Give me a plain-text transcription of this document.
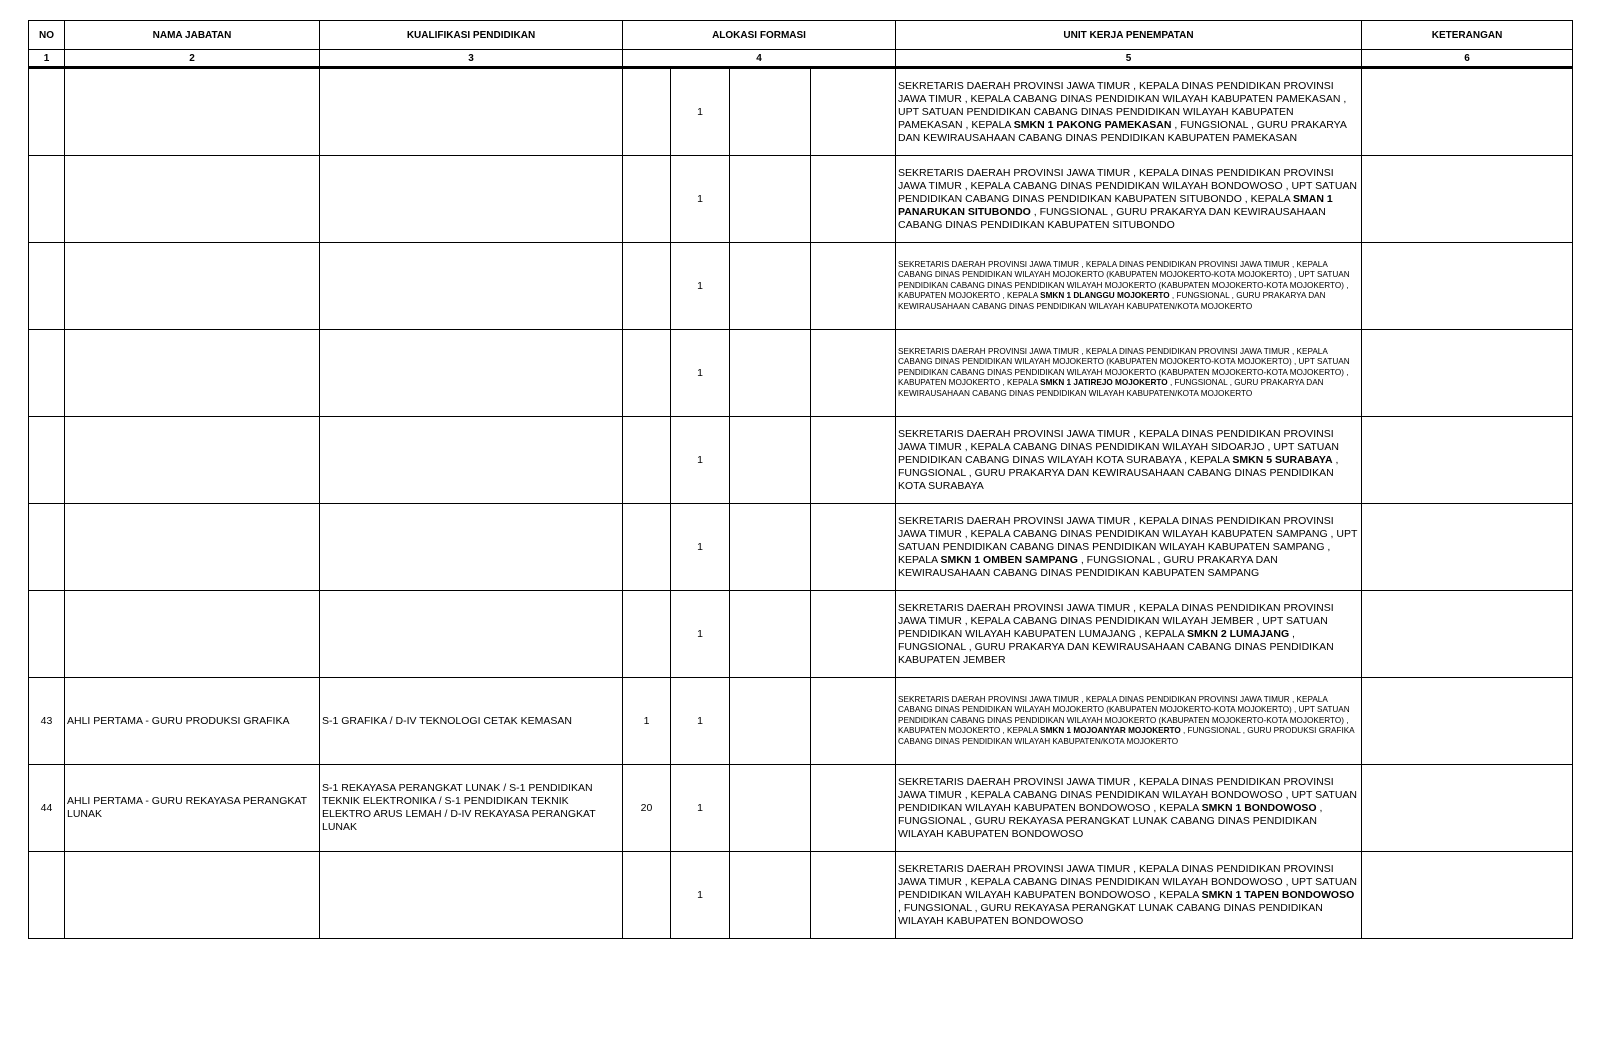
NO	NAMA JABATAN	KUALIFIKASI PENDIDIKAN	ALOKASI FORMASI				UNIT KERJA PENEMPATAN	KETERANGAN
1	2	3	4				5	6
				1			SEKRETARIS DAERAH PROVINSI JAWA TIMUR , KEPALA DINAS PENDIDIKAN PROVINSI JAWA TIMUR , KEPALA CABANG DINAS PENDIDIKAN WILAYAH KABUPATEN PAMEKASAN , UPT SATUAN PENDIDIKAN CABANG DINAS PENDIDIKAN WILAYAH KABUPATEN PAMEKASAN , KEPALA SMKN 1 PAKONG PAMEKASAN , FUNGSIONAL , GURU PRAKARYA DAN KEWIRAUSAHAAN CABANG DINAS PENDIDIKAN KABUPATEN PAMEKASAN	
				1			SEKRETARIS DAERAH PROVINSI JAWA TIMUR , KEPALA DINAS PENDIDIKAN PROVINSI JAWA TIMUR , KEPALA CABANG DINAS PENDIDIKAN WILAYAH BONDOWOSO , UPT SATUAN PENDIDIKAN CABANG DINAS PENDIDIKAN KABUPATEN SITUBONDO , KEPALA SMAN 1 PANARUKAN SITUBONDO , FUNGSIONAL , GURU PRAKARYA DAN KEWIRAUSAHAAN CABANG DINAS PENDIDIKAN KABUPATEN SITUBONDO	
				1			SEKRETARIS DAERAH PROVINSI JAWA TIMUR , KEPALA DINAS PENDIDIKAN PROVINSI JAWA TIMUR , KEPALA CABANG DINAS PENDIDIKAN WILAYAH MOJOKERTO (KABUPATEN MOJOKERTO-KOTA MOJOKERTO) , UPT SATUAN PENDIDIKAN CABANG DINAS PENDIDIKAN WILAYAH MOJOKERTO (KABUPATEN MOJOKERTO-KOTA MOJOKERTO) , KABUPATEN MOJOKERTO , KEPALA SMKN 1 DLANGGU MOJOKERTO , FUNGSIONAL , GURU PRAKARYA DAN KEWIRAUSAHAAN CABANG DINAS PENDIDIKAN WILAYAH KABUPATEN/KOTA MOJOKERTO	
				1			SEKRETARIS DAERAH PROVINSI JAWA TIMUR , KEPALA DINAS PENDIDIKAN PROVINSI JAWA TIMUR , KEPALA CABANG DINAS PENDIDIKAN WILAYAH MOJOKERTO (KABUPATEN MOJOKERTO-KOTA MOJOKERTO) , UPT SATUAN PENDIDIKAN CABANG DINAS PENDIDIKAN WILAYAH MOJOKERTO (KABUPATEN MOJOKERTO-KOTA MOJOKERTO) , KABUPATEN MOJOKERTO , KEPALA SMKN 1 JATIREJO MOJOKERTO , FUNGSIONAL , GURU PRAKARYA DAN KEWIRAUSAHAAN CABANG DINAS PENDIDIKAN WILAYAH KABUPATEN/KOTA MOJOKERTO	
				1			SEKRETARIS DAERAH PROVINSI JAWA TIMUR , KEPALA DINAS PENDIDIKAN PROVINSI JAWA TIMUR , KEPALA CABANG DINAS PENDIDIKAN WILAYAH SIDOARJO , UPT SATUAN PENDIDIKAN CABANG DINAS WILAYAH KOTA SURABAYA , KEPALA SMKN 5 SURABAYA , FUNGSIONAL , GURU PRAKARYA DAN KEWIRAUSAHAAN CABANG DINAS PENDIDIKAN KOTA SURABAYA	
				1			SEKRETARIS DAERAH PROVINSI JAWA TIMUR , KEPALA DINAS PENDIDIKAN PROVINSI JAWA TIMUR , KEPALA CABANG DINAS PENDIDIKAN WILAYAH KABUPATEN SAMPANG , UPT SATUAN PENDIDIKAN CABANG DINAS PENDIDIKAN WILAYAH KABUPATEN SAMPANG , KEPALA SMKN 1 OMBEN SAMPANG , FUNGSIONAL , GURU PRAKARYA DAN KEWIRAUSAHAAN CABANG DINAS PENDIDIKAN KABUPATEN SAMPANG	
				1			SEKRETARIS DAERAH PROVINSI JAWA TIMUR , KEPALA DINAS PENDIDIKAN PROVINSI JAWA TIMUR , KEPALA CABANG DINAS PENDIDIKAN WILAYAH JEMBER , UPT SATUAN PENDIDIKAN WILAYAH KABUPATEN LUMAJANG , KEPALA SMKN 2 LUMAJANG , FUNGSIONAL , GURU PRAKARYA DAN KEWIRAUSAHAAN CABANG DINAS PENDIDIKAN KABUPATEN JEMBER	
43	AHLI PERTAMA - GURU PRODUKSI GRAFIKA	S-1 GRAFIKA / D-IV TEKNOLOGI CETAK KEMASAN	1	1			SEKRETARIS DAERAH PROVINSI JAWA TIMUR , KEPALA DINAS PENDIDIKAN PROVINSI JAWA TIMUR , KEPALA CABANG DINAS PENDIDIKAN WILAYAH MOJOKERTO (KABUPATEN MOJOKERTO-KOTA MOJOKERTO) , UPT SATUAN PENDIDIKAN CABANG DINAS PENDIDIKAN WILAYAH MOJOKERTO (KABUPATEN MOJOKERTO-KOTA MOJOKERTO) , KABUPATEN MOJOKERTO , KEPALA SMKN 1 MOJOANYAR MOJOKERTO , FUNGSIONAL , GURU PRODUKSI GRAFIKA CABANG DINAS PENDIDIKAN WILAYAH KABUPATEN/KOTA MOJOKERTO	
44	AHLI PERTAMA - GURU REKAYASA PERANGKAT LUNAK	S-1 REKAYASA PERANGKAT LUNAK / S-1 PENDIDIKAN TEKNIK ELEKTRONIKA / S-1 PENDIDIKAN TEKNIK ELEKTRO ARUS LEMAH / D-IV REKAYASA PERANGKAT LUNAK	20	1			SEKRETARIS DAERAH PROVINSI JAWA TIMUR , KEPALA DINAS PENDIDIKAN PROVINSI JAWA TIMUR , KEPALA CABANG DINAS PENDIDIKAN WILAYAH BONDOWOSO , UPT SATUAN PENDIDIKAN WILAYAH KABUPATEN BONDOWOSO , KEPALA SMKN 1 BONDOWOSO , FUNGSIONAL , GURU REKAYASA PERANGKAT LUNAK CABANG DINAS PENDIDIKAN WILAYAH KABUPATEN BONDOWOSO	
				1			SEKRETARIS DAERAH PROVINSI JAWA TIMUR , KEPALA DINAS PENDIDIKAN PROVINSI JAWA TIMUR , KEPALA CABANG DINAS PENDIDIKAN WILAYAH BONDOWOSO , UPT SATUAN PENDIDIKAN WILAYAH KABUPATEN BONDOWOSO , KEPALA SMKN 1 TAPEN BONDOWOSO , FUNGSIONAL , GURU REKAYASA PERANGKAT LUNAK CABANG DINAS PENDIDIKAN WILAYAH KABUPATEN BONDOWOSO	
